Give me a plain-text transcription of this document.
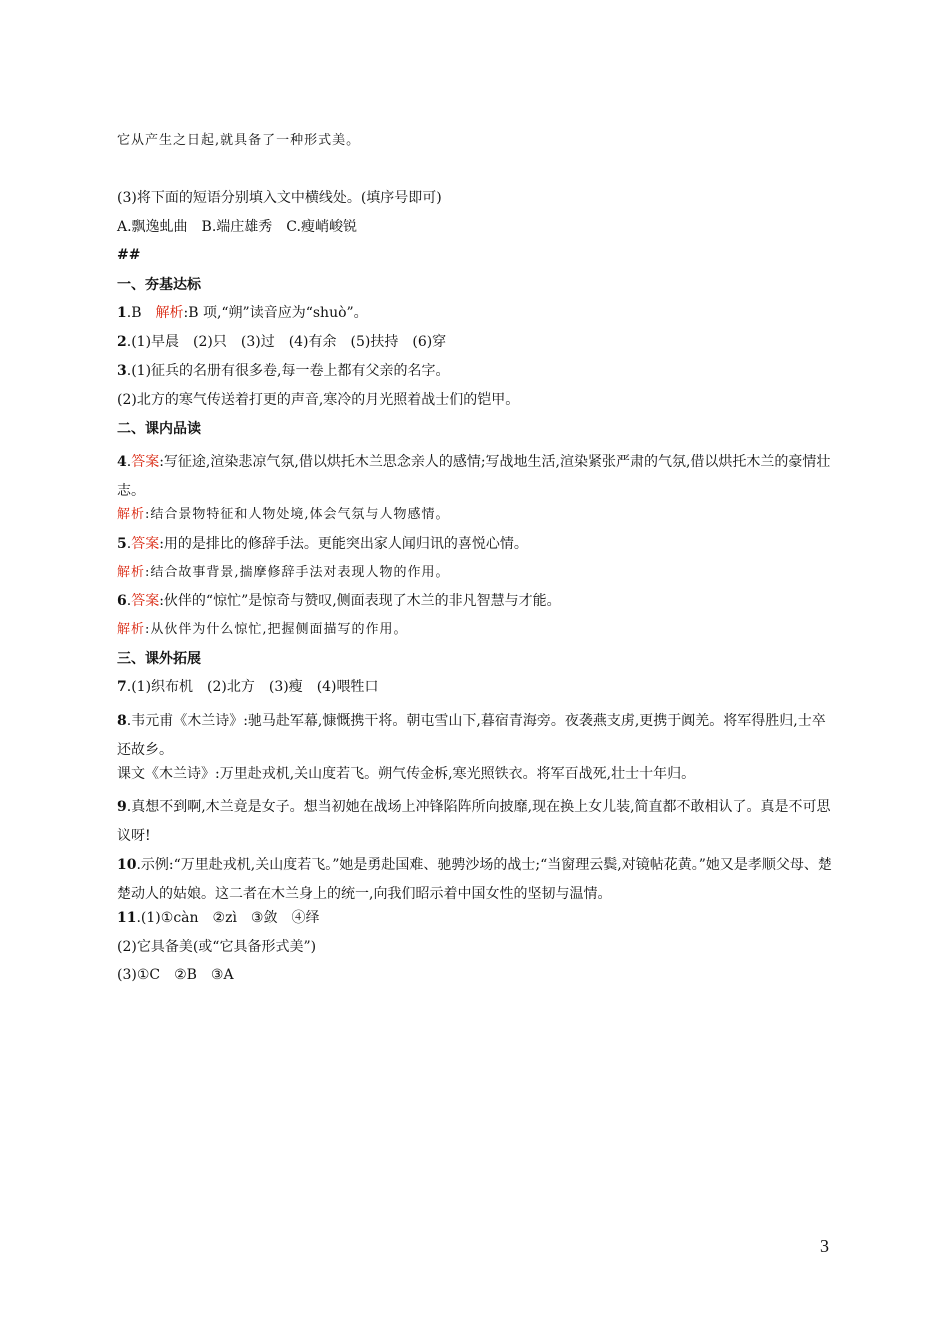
它从产生之日起,就具备了一种形式美。
(3)将下面的短语分别填入文中横线处。(填序号即可)
A.飘逸虬曲　B.端庄雄秀　C.瘦峭峻锐
##
一、夯基达标
1.B　解析:B 项,“朔”读音应为“shuò”。
2.(1)早晨　(2)只　(3)过　(4)有余　(5)扶持　(6)穿
3.(1)征兵的名册有很多卷,每一卷上都有父亲的名字。
(2)北方的寒气传送着打更的声音,寒冷的月光照着战士们的铠甲。
二、课内品读
4.答案:写征途,渲染悲凉气氛,借以烘托木兰思念亲人的感情;写战地生活,渲染紧张严肃的气氛,借以烘托木兰的豪情壮志。
解析:结合景物特征和人物处境,体会气氛与人物感情。
5.答案:用的是排比的修辞手法。更能突出家人闻归讯的喜悦心情。
解析:结合故事背景,揣摩修辞手法对表现人物的作用。
6.答案:伙伴的“惊忙”是惊奇与赞叹,侧面表现了木兰的非凡智慧与才能。
解析:从伙伴为什么惊忙,把握侧面描写的作用。
三、课外拓展
7.(1)织布机　(2)北方　(3)瘦　(4)喂牲口
8.韦元甫《木兰诗》:驰马赴军幕,慷慨携干将。朝屯雪山下,暮宿青海旁。夜袭燕支虏,更携于阗羌。将军得胜归,士卒还故乡。
课文《木兰诗》:万里赴戎机,关山度若飞。朔气传金柝,寒光照铁衣。将军百战死,壮士十年归。
9.真想不到啊,木兰竟是女子。想当初她在战场上冲锋陷阵所向披靡,现在换上女儿装,简直都不敢相认了。真是不可思议呀!
10.示例:“万里赴戎机,关山度若飞。”她是勇赴国难、驰骋沙场的战士;“当窗理云鬓,对镜帖花黄。”她又是孝顺父母、楚楚动人的姑娘。这二者在木兰身上的统一,向我们昭示着中国女性的坚韧与温情。
11.(1)①càn　②zì　③敛　④绎
(2)它具备美(或“它具备形式美”)
(3)①C　②B　③A
3
